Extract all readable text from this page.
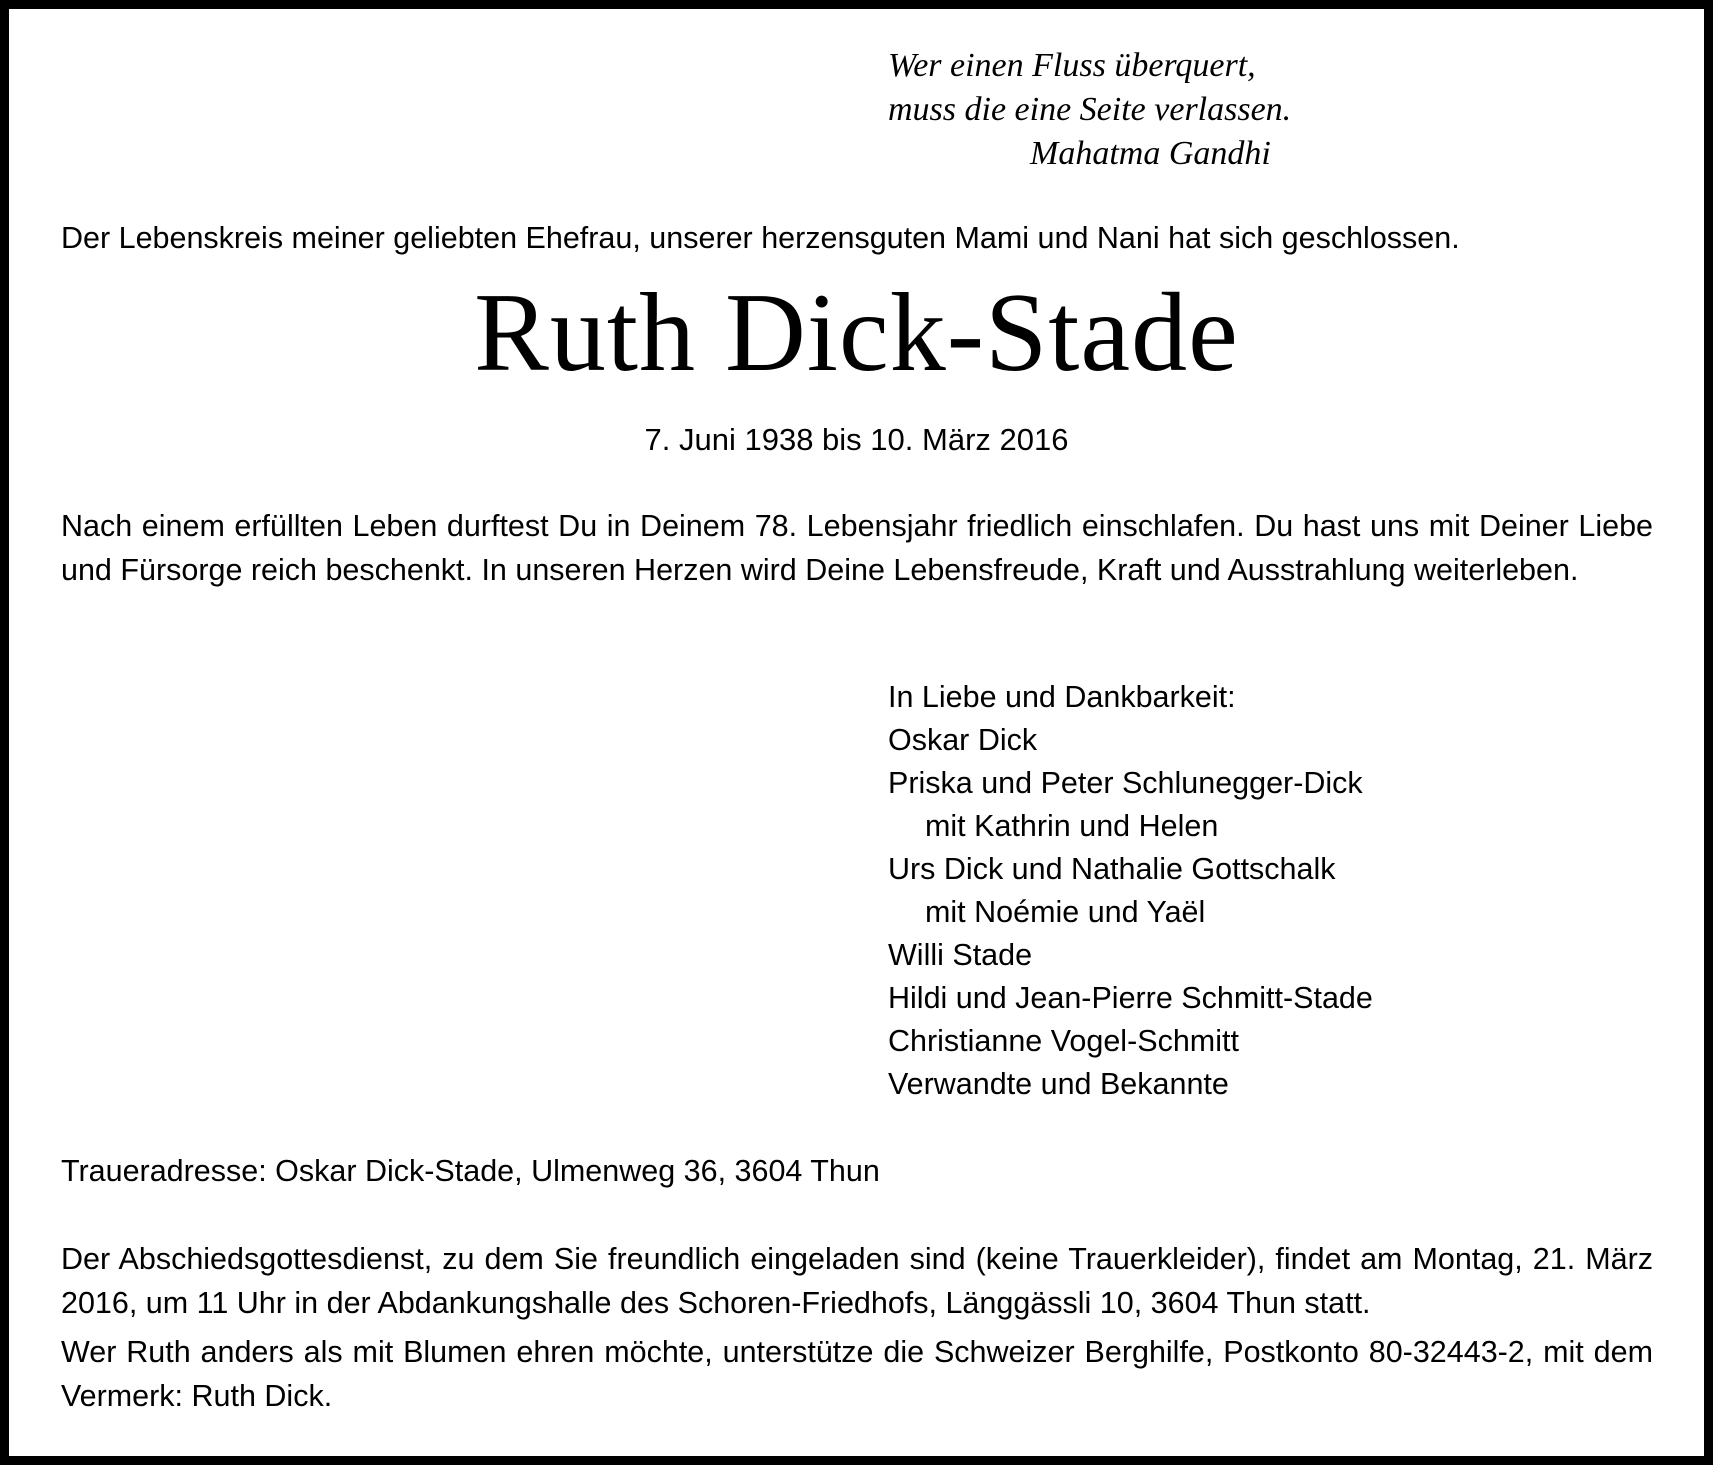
Wer einen Fluss überquert,
muss die eine Seite verlassen.

Mahatma Gandhi
Der Lebenskreis meiner geliebten Ehefrau, unserer herzensguten Mami und Nani hat sich geschlossen.
Ruth Dick-Stade
7. Juni 1938 bis 10. März 2016

Nach einem erfüllten Leben durftest Du in Deinem 78. Lebensjahr friedlich einschlafen. Du hast uns mit Deiner Liebe und Fürsorge reich beschenkt. In unseren Herzen wird Deine Lebensfreude, Kraft und Ausstrahlung weiterleben.

In Liebe und Dankbarkeit:
Oskar Dick
Priska und Peter Schlunegger-Dick
mit Kathrin und Helen
Urs Dick und Nathalie Gottschalk
mit Noémie und Yaël
Willi Stade
Hildi und Jean-Pierre Schmitt-Stade
Christianne Vogel-Schmitt
Verwandte und Bekannte
Traueradresse: Oskar Dick-Stade, Ulmenweg 36, 3604 Thun

Der Abschiedsgottesdienst, zu dem Sie freundlich eingeladen sind (keine Trauerkleider), findet am Montag, 21. März 2016, um 11 Uhr in der Abdankungshalle des Schoren-Friedhofs, Länggässli 10, 3604 Thun statt.

Wer Ruth anders als mit Blumen ehren möchte, unterstütze die Schweizer Berghilfe, Postkonto 80-32443-2, mit dem Vermerk: Ruth Dick.
